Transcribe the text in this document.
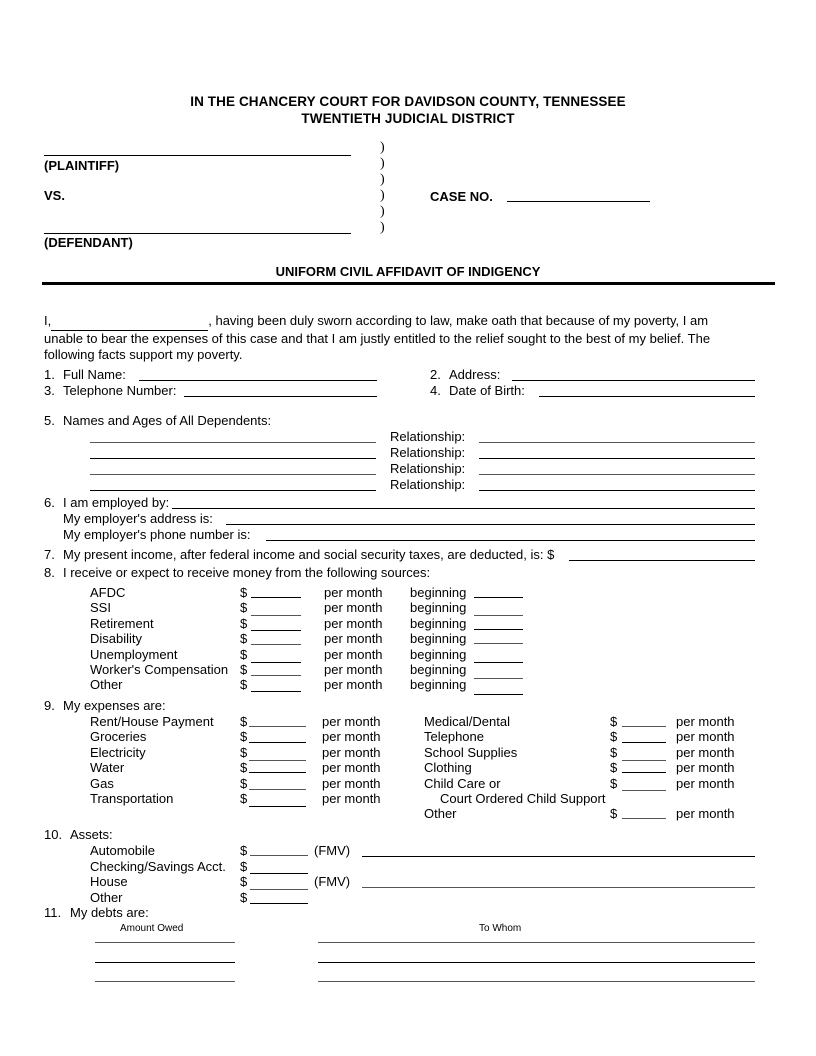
IN THE CHANCERY COURT FOR DAVIDSON COUNTY, TENNESSEE
TWENTIETH JUDICIAL DISTRICT
(PLAINTIFF)
VS.
(DEFENDANT)
)
)
)
)
)
)
CASE NO.
UNIFORM CIVIL AFFIDAVIT OF INDIGENCY
I,	, having been duly sworn according to law, make oath that because of my poverty, I am
unable to bear the expenses of this case and that I am justly entitled to the relief sought to the best of my belief. The
following facts support my poverty.
1. Full Name:	2. Address:
3. Telephone Number:	4. Date of Birth:
5. Names and Ages of All Dependents:
Relationship:
Relationship:
Relationship:
Relationship:
6. I am employed by:
My employer's address is:
My employer's phone number is:
7. My present income, after federal income and social security taxes, are deducted, is: $
8. I receive or expect to receive money from the following sources:
AFDC	$	per month beginning
SSI	$	per month beginning
Retirement	$	per month beginning
Disability	$	per month beginning
Unemployment	$	per month beginning
Worker's Compensation $	per month beginning
Other	$	per month beginning
9. My expenses are:
Rent/House Payment $	per month
Groceries	$	per month
Electricity	$	per month
Water	$	per month
Gas	$	per month
Transportation	$	per month
Medical/Dental	$	per month
Telephone	$	per month
School Supplies	$	per month
Clothing	$	per month
Child Care or	$	per month
Court Ordered Child Support
Other	$	per month
10. Assets:
Automobile	$	(FMV)
Checking/Savings Acct. $
House	$	(FMV)
Other	$
11. My debts are:
Amount Owed	To Whom
